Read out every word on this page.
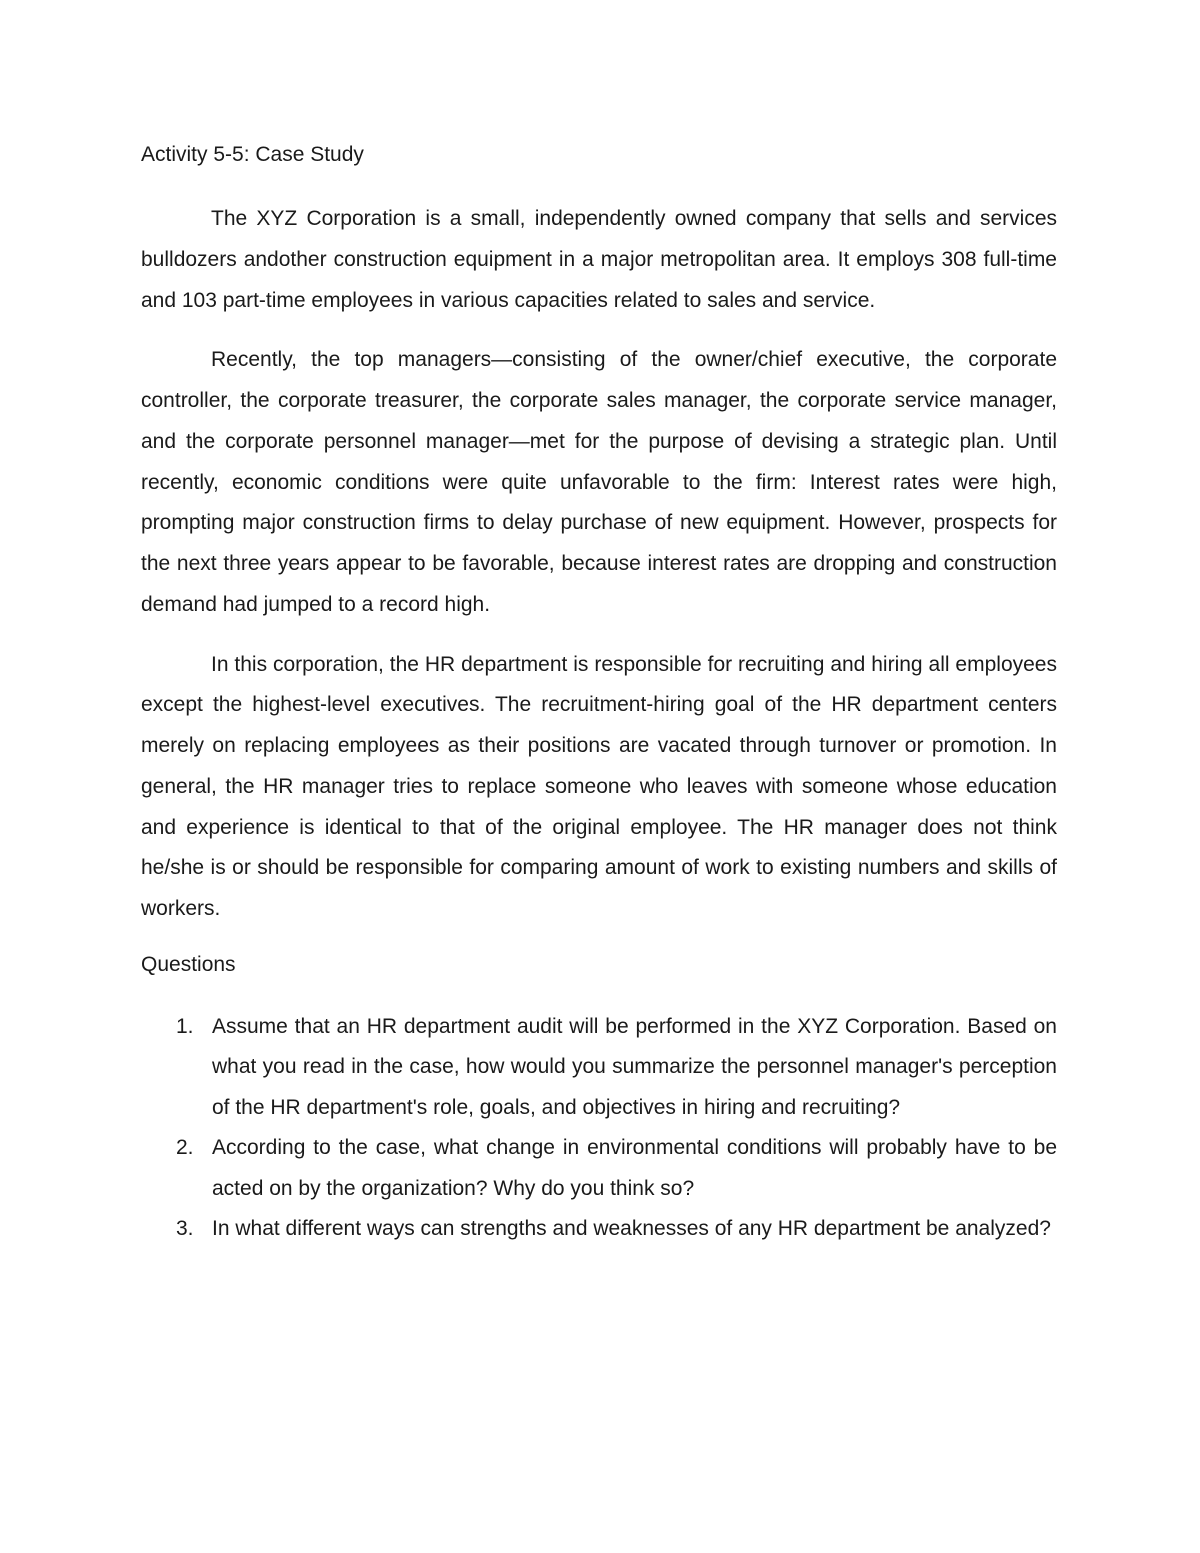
Activity 5-5: Case Study

The XYZ Corporation is a small, independently owned company that sells and services bulldozers andother construction equipment in a major metropolitan area. It employs 308 full-time and 103 part-time employees in various capacities related to sales and service.

Recently, the top managers—consisting of the owner/chief executive, the corporate controller, the corporate treasurer, the corporate sales manager, the corporate service manager, and the corporate personnel manager—met for the purpose of devising a strategic plan. Until recently, economic conditions were quite unfavorable to the firm: Interest rates were high, prompting major construction firms to delay purchase of new equipment. However, prospects for the next three years appear to be favorable, because interest rates are dropping and construction demand had jumped to a record high.

In this corporation, the HR department is responsible for recruiting and hiring all employees except the highest-level executives. The recruitment-hiring goal of the HR department centers merely on replacing employees as their positions are vacated through turnover or promotion. In general, the HR manager tries to replace someone who leaves with someone whose education and experience is identical to that of the original employee. The HR manager does not think he/she is or should be responsible for comparing amount of work to existing numbers and skills of workers.

Questions
1. Assume that an HR department audit will be performed in the XYZ Corporation. Based on what you read in the case, how would you summarize the personnel manager's perception of the HR department's role, goals, and objectives in hiring and recruiting?
2. According to the case, what change in environmental conditions will probably have to be acted on by the organization? Why do you think so?
3. In what different ways can strengths and weaknesses of any HR department be analyzed?
